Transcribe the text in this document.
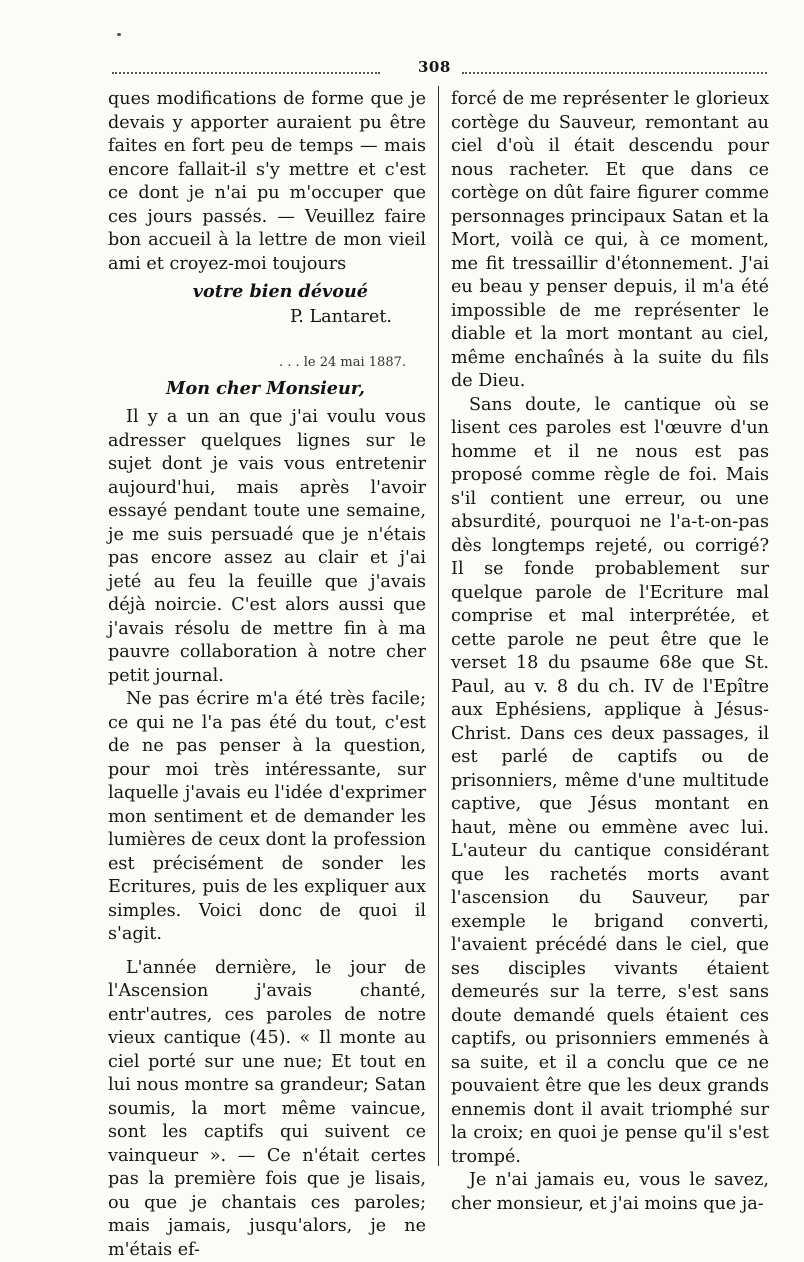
308

ques modifications de forme que je devais y apporter auraient pu être faites en fort peu de temps — mais encore fallait-il s'y mettre et c'est ce dont je n'ai pu m'occuper que ces jours passés. — Veuillez faire bon accueil à la lettre de mon vieil ami et croyez-moi toujours

votre bien dévoué

P. Lantaret.

. . . le 24 mai 1887.

Mon cher Monsieur,

Il y a un an que j'ai voulu vous adresser quelques lignes sur le sujet dont je vais vous entretenir aujourd'hui, mais après l'avoir essayé pendant toute une semaine, je me suis persuadé que je n'étais pas encore assez au clair et j'ai jeté au feu la feuille que j'avais déjà noircie. C'est alors aussi que j'avais résolu de mettre fin à ma pauvre collaboration à notre cher petit journal.

Ne pas écrire m'a été très facile; ce qui ne l'a pas été du tout, c'est de ne pas penser à la question, pour moi très intéressante, sur laquelle j'avais eu l'idée d'exprimer mon sentiment et de demander les lumières de ceux dont la profession est précisément de sonder les Ecritures, puis de les expliquer aux simples. Voici donc de quoi il s'agit.

L'année dernière, le jour de l'Ascension j'avais chanté, entr'autres, ces paroles de notre vieux cantique (45). « Il monte au ciel porté sur une nue; Et tout en lui nous montre sa grandeur; Satan soumis, la mort même vaincue, sont les captifs qui suivent ce vainqueur ». — Ce n'était certes pas la première fois que je lisais, ou que je chantais ces paroles; mais jamais, jusqu'alors, je ne m'étais ef-

forcé de me représenter le glorieux cortège du Sauveur, remontant au ciel d'où il était descendu pour nous racheter. Et que dans ce cortège on dût faire figurer comme personnages principaux Satan et la Mort, voilà ce qui, à ce moment, me fit tressaillir d'étonnement. J'ai eu beau y penser depuis, il m'a été impossible de me représenter le diable et la mort montant au ciel, même enchaînés à la suite du fils de Dieu.

Sans doute, le cantique où se lisent ces paroles est l'œuvre d'un homme et il ne nous est pas proposé comme règle de foi. Mais s'il contient une erreur, ou une absurdité, pourquoi ne l'a-t-on-pas dès longtemps rejeté, ou corrigé? Il se fonde probablement sur quelque parole de l'Ecriture mal comprise et mal interprétée, et cette parole ne peut être que le verset 18 du psaume 68e que St. Paul, au v. 8 du ch. IV de l'Epître aux Ephésiens, applique à Jésus-Christ. Dans ces deux passages, il est parlé de captifs ou de prisonniers, même d'une multitude captive, que Jésus montant en haut, mène ou emmène avec lui. L'auteur du cantique considérant que les rachetés morts avant l'ascension du Sauveur, par exemple le brigand converti, l'avaient précédé dans le ciel, que ses disciples vivants étaient demeurés sur la terre, s'est sans doute demandé quels étaient ces captifs, ou prisonniers emmenés à sa suite, et il a conclu que ce ne pouvaient être que les deux grands ennemis dont il avait triomphé sur la croix; en quoi je pense qu'il s'est trompé.

Je n'ai jamais eu, vous le savez, cher monsieur, et j'ai moins que ja-
